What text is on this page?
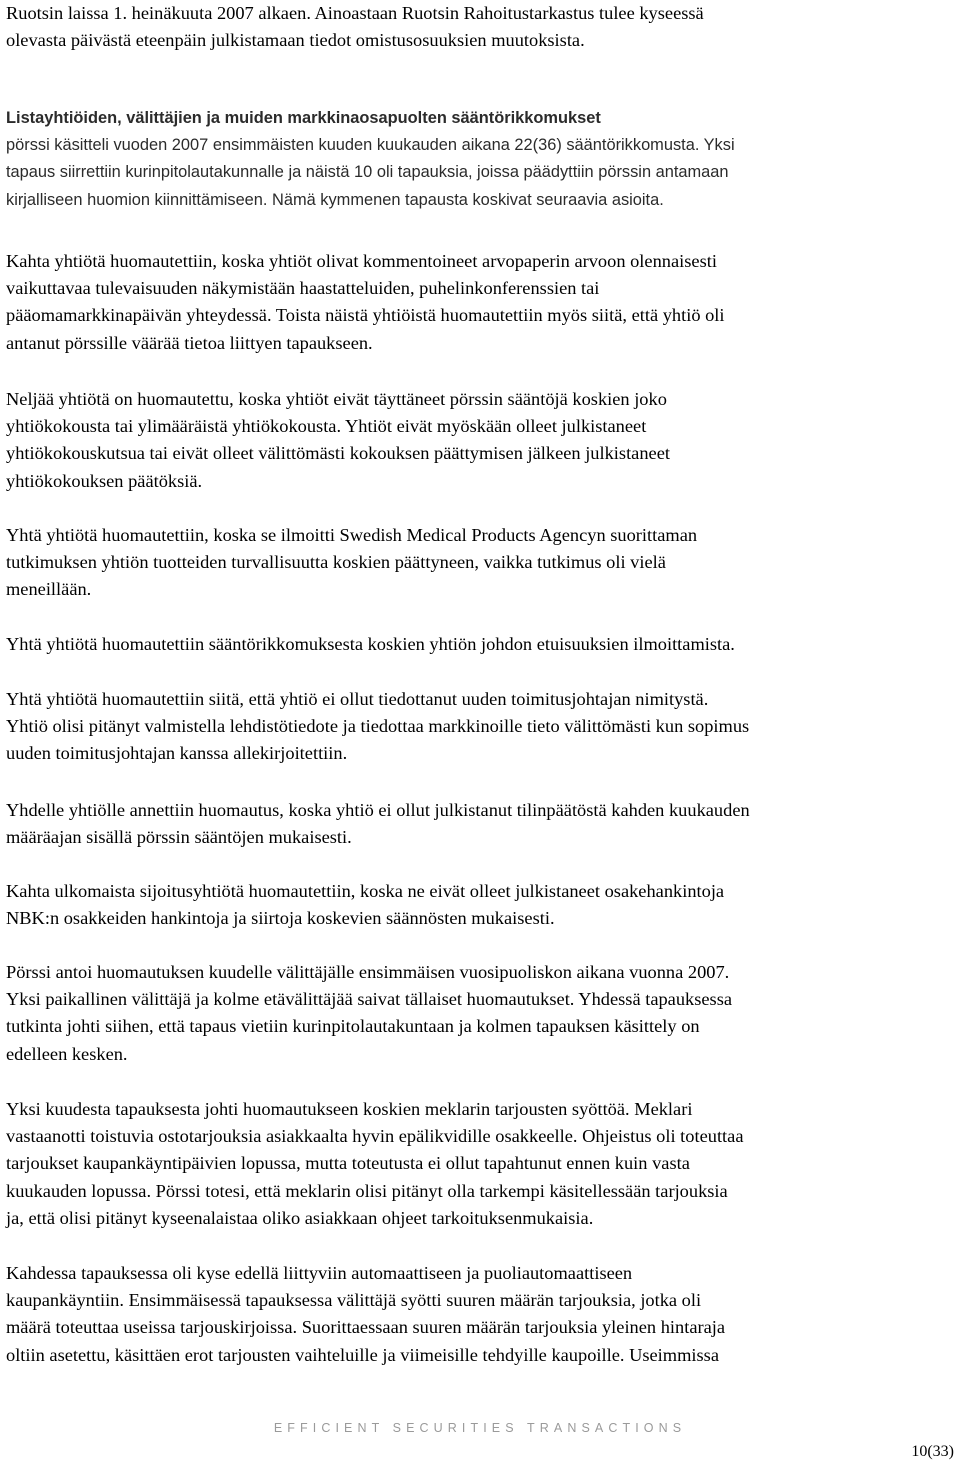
Ruotsin laissa 1. heinäkuuta 2007 alkaen. Ainoastaan Ruotsin Rahoitustarkastus tulee kyseessä
olevasta päivästä eteenpäin julkistamaan tiedot omistusosuuksien muutoksista.

Listayhtiöiden, välittäjien ja muiden markkinaosapuolten sääntörikkomukset

pörssi käsitteli vuoden 2007 ensimmäisten kuuden kuukauden aikana 22(36) sääntörikkomusta. Yksi
tapaus siirrettiin kurinpitolautakunnalle ja näistä 10 oli tapauksia, joissa päädyttiin pörssin antamaan
kirjalliseen huomion kiinnittämiseen. Nämä kymmenen tapausta koskivat seuraavia asioita.

Kahta yhtiötä huomautettiin, koska yhtiöt olivat kommentoineet arvopaperin arvoon olennaisesti
vaikuttavaa tulevaisuuden näkymistään haastatteluiden, puhelinkonferenssien tai
pääomamarkkinapäivän yhteydessä. Toista näistä yhtiöistä huomautettiin myös siitä, että yhtiö oli
antanut pörssille väärää tietoa liittyen tapaukseen.

Neljää yhtiötä on huomautettu, koska yhtiöt eivät täyttäneet pörssin sääntöjä koskien joko
yhtiökokousta tai ylimääräistä yhtiökokousta. Yhtiöt eivät myöskään olleet julkistaneet
yhtiökokouskutsua tai eivät olleet välittömästi kokouksen päättymisen jälkeen julkistaneet
yhtiökokouksen päätöksiä.

Yhtä yhtiötä huomautettiin, koska se ilmoitti Swedish Medical Products Agencyn suorittaman
tutkimuksen yhtiön tuotteiden turvallisuutta koskien päättyneen, vaikka tutkimus oli vielä
meneillään.

Yhtä yhtiötä huomautettiin sääntörikkomuksesta koskien yhtiön johdon etuisuuksien ilmoittamista.

Yhtä yhtiötä huomautettiin siitä, että yhtiö ei ollut tiedottanut uuden toimitusjohtajan nimitystä.
Yhtiö olisi pitänyt valmistella lehdistötiedote ja tiedottaa markkinoille tieto välittömästi kun sopimus
uuden toimitusjohtajan kanssa allekirjoitettiin.

Yhdelle yhtiölle annettiin huomautus, koska yhtiö ei ollut julkistanut tilinpäätöstä kahden kuukauden
määräajan sisällä pörssin sääntöjen mukaisesti.

Kahta ulkomaista sijoitusyhtiötä huomautettiin, koska ne eivät olleet julkistaneet osakehankintoja
NBK:n osakkeiden hankintoja ja siirtoja koskevien säännösten mukaisesti.

Pörssi antoi huomautuksen kuudelle välittäjälle ensimmäisen vuosipuoliskon aikana vuonna 2007.
Yksi paikallinen välittäjä ja kolme etävälittäjää saivat tällaiset huomautukset. Yhdessä tapauksessa
tutkinta johti siihen, että tapaus vietiin kurinpitolautakuntaan ja kolmen tapauksen käsittely on
edelleen kesken.

Yksi kuudesta tapauksesta johti huomautukseen koskien meklarin tarjousten syöttöä. Meklari
vastaanotti toistuvia ostotarjouksia asiakkaalta hyvin epälikvidille osakkeelle. Ohjeistus oli toteuttaa
tarjoukset kaupankäyntipäivien lopussa, mutta toteutusta ei ollut tapahtunut ennen kuin vasta
kuukauden lopussa. Pörssi totesi, että meklarin olisi pitänyt olla tarkempi käsitellessään tarjouksia
ja, että olisi pitänyt kyseenalaistaa oliko asiakkaan ohjeet tarkoituksenmukaisia.

Kahdessa tapauksessa oli kyse edellä liittyviin automaattiseen ja puoliautomaattiseen
kaupankäyntiin. Ensimmäisessä tapauksessa välittäjä syötti suuren määrän tarjouksia, jotka oli
määrä toteuttaa useissa tarjouskirjoissa. Suorittaessaan suuren määrän tarjouksia yleinen hintaraja
oltiin asetettu, käsittäen erot tarjousten vaihteluille ja viimeisille tehdyille kaupoille. Useimmissa

EFFICIENT SECURITIES TRANSACTIONS
10(33)
